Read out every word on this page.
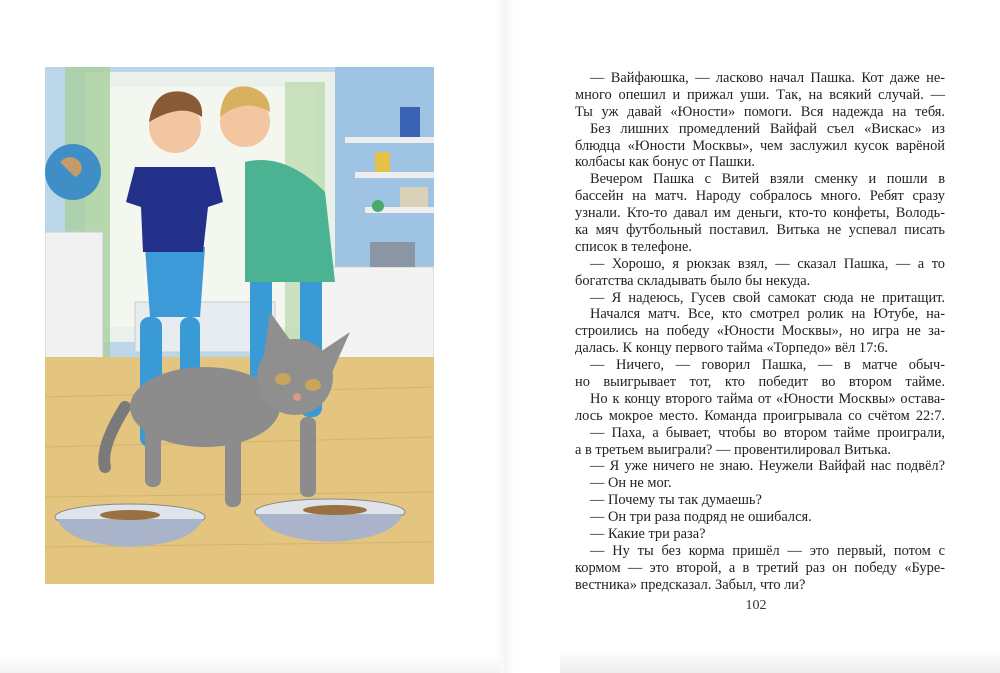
— Вайфаюшка, — ласково начал Пашка. Кот даже не-
много опешил и прижал уши. Так, на всякий случай. —
Ты уж давай «Юности» помоги. Вся надежда на тебя.
Без лишних промедлений Вайфай съел «Вискас» из
блюдца «Юности Москвы», чем заслужил кусок варёной
колбасы как бонус от Пашки.
Вечером Пашка с Витей взяли сменку и пошли в
бассейн на матч. Народу собралось много. Ребят сразу
узнали. Кто-то давал им деньги, кто-то конфеты, Володь-
ка мяч футбольный поставил. Витька не успевал писать
список в телефоне.
— Хорошо, я рюкзак взял, — сказал Пашка, — а то
богатства складывать было бы некуда.
— Я надеюсь, Гусев свой самокат сюда не притащит.
Начался матч. Все, кто смотрел ролик на Ютубе, на-
строились на победу «Юности Москвы», но игра не за-
далась. К концу первого тайма «Торпедо» вёл 17:6.
— Ничего, — говорил Пашка, — в матче обыч-
но выигрывает тот, кто победит во втором тайме.
Но к концу второго тайма от «Юности Москвы» остава-
лось мокрое место. Команда проигрывала со счётом 22:7.
— Паха, а бывает, чтобы во втором тайме проиграли,
а в третьем выиграли? — провентилировал Витька.
— Я уже ничего не знаю. Неужели Вайфай нас подвёл?
— Он не мог.
— Почему ты так думаешь?
— Он три раза подряд не ошибался.
— Какие три раза?
— Ну ты без корма пришёл — это первый, потом с
кормом — это второй, а в третий раз он победу «Буре-
вестника» предсказал. Забыл, что ли?
102
